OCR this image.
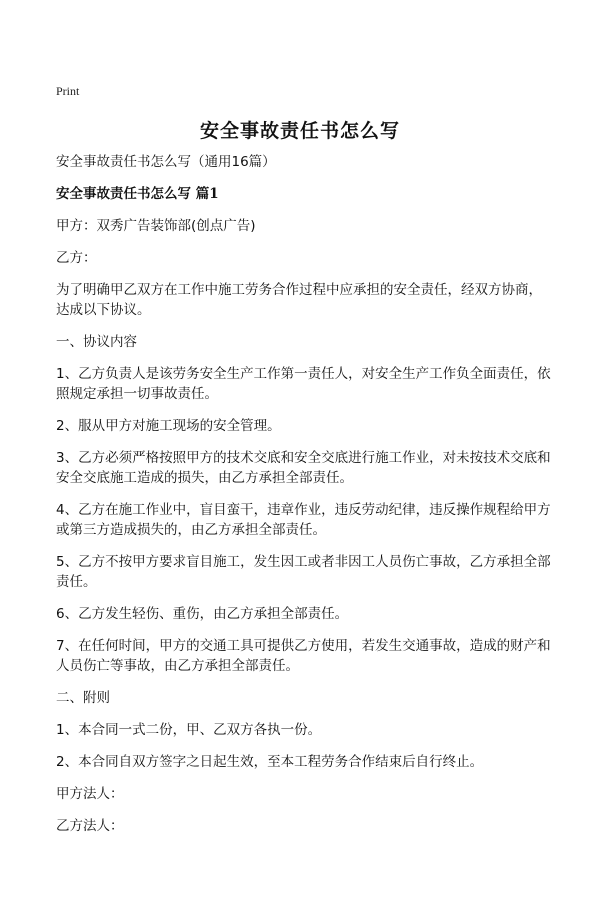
Print
安全事故责任书怎么写

安全事故责任书怎么写（通用16篇）

安全事故责任书怎么写 篇1

甲方：双秀广告装饰部(创点广告)

乙方：

为了明确甲乙双方在工作中施工劳务合作过程中应承担的安全责任，经双方协商，达成以下协议。

一、协议内容

1、乙方负责人是该劳务安全生产工作第一责任人，对安全生产工作负全面责任，依照规定承担一切事故责任。

2、服从甲方对施工现场的安全管理。

3、乙方必须严格按照甲方的技术交底和安全交底进行施工作业，对未按技术交底和安全交底施工造成的损失，由乙方承担全部责任。

4、乙方在施工作业中，盲目蛮干，违章作业，违反劳动纪律，违反操作规程给甲方或第三方造成损失的，由乙方承担全部责任。

5、乙方不按甲方要求盲目施工，发生因工或者非因工人员伤亡事故，乙方承担全部责任。

6、乙方发生轻伤、重伤，由乙方承担全部责任。

7、在任何时间，甲方的交通工具可提供乙方使用，若发生交通事故，造成的财产和人员伤亡等事故，由乙方承担全部责任。

二、附则

1、本合同一式二份，甲、乙双方各执一份。

2、本合同自双方签字之日起生效，至本工程劳务合作结束后自行终止。

甲方法人：

乙方法人：
